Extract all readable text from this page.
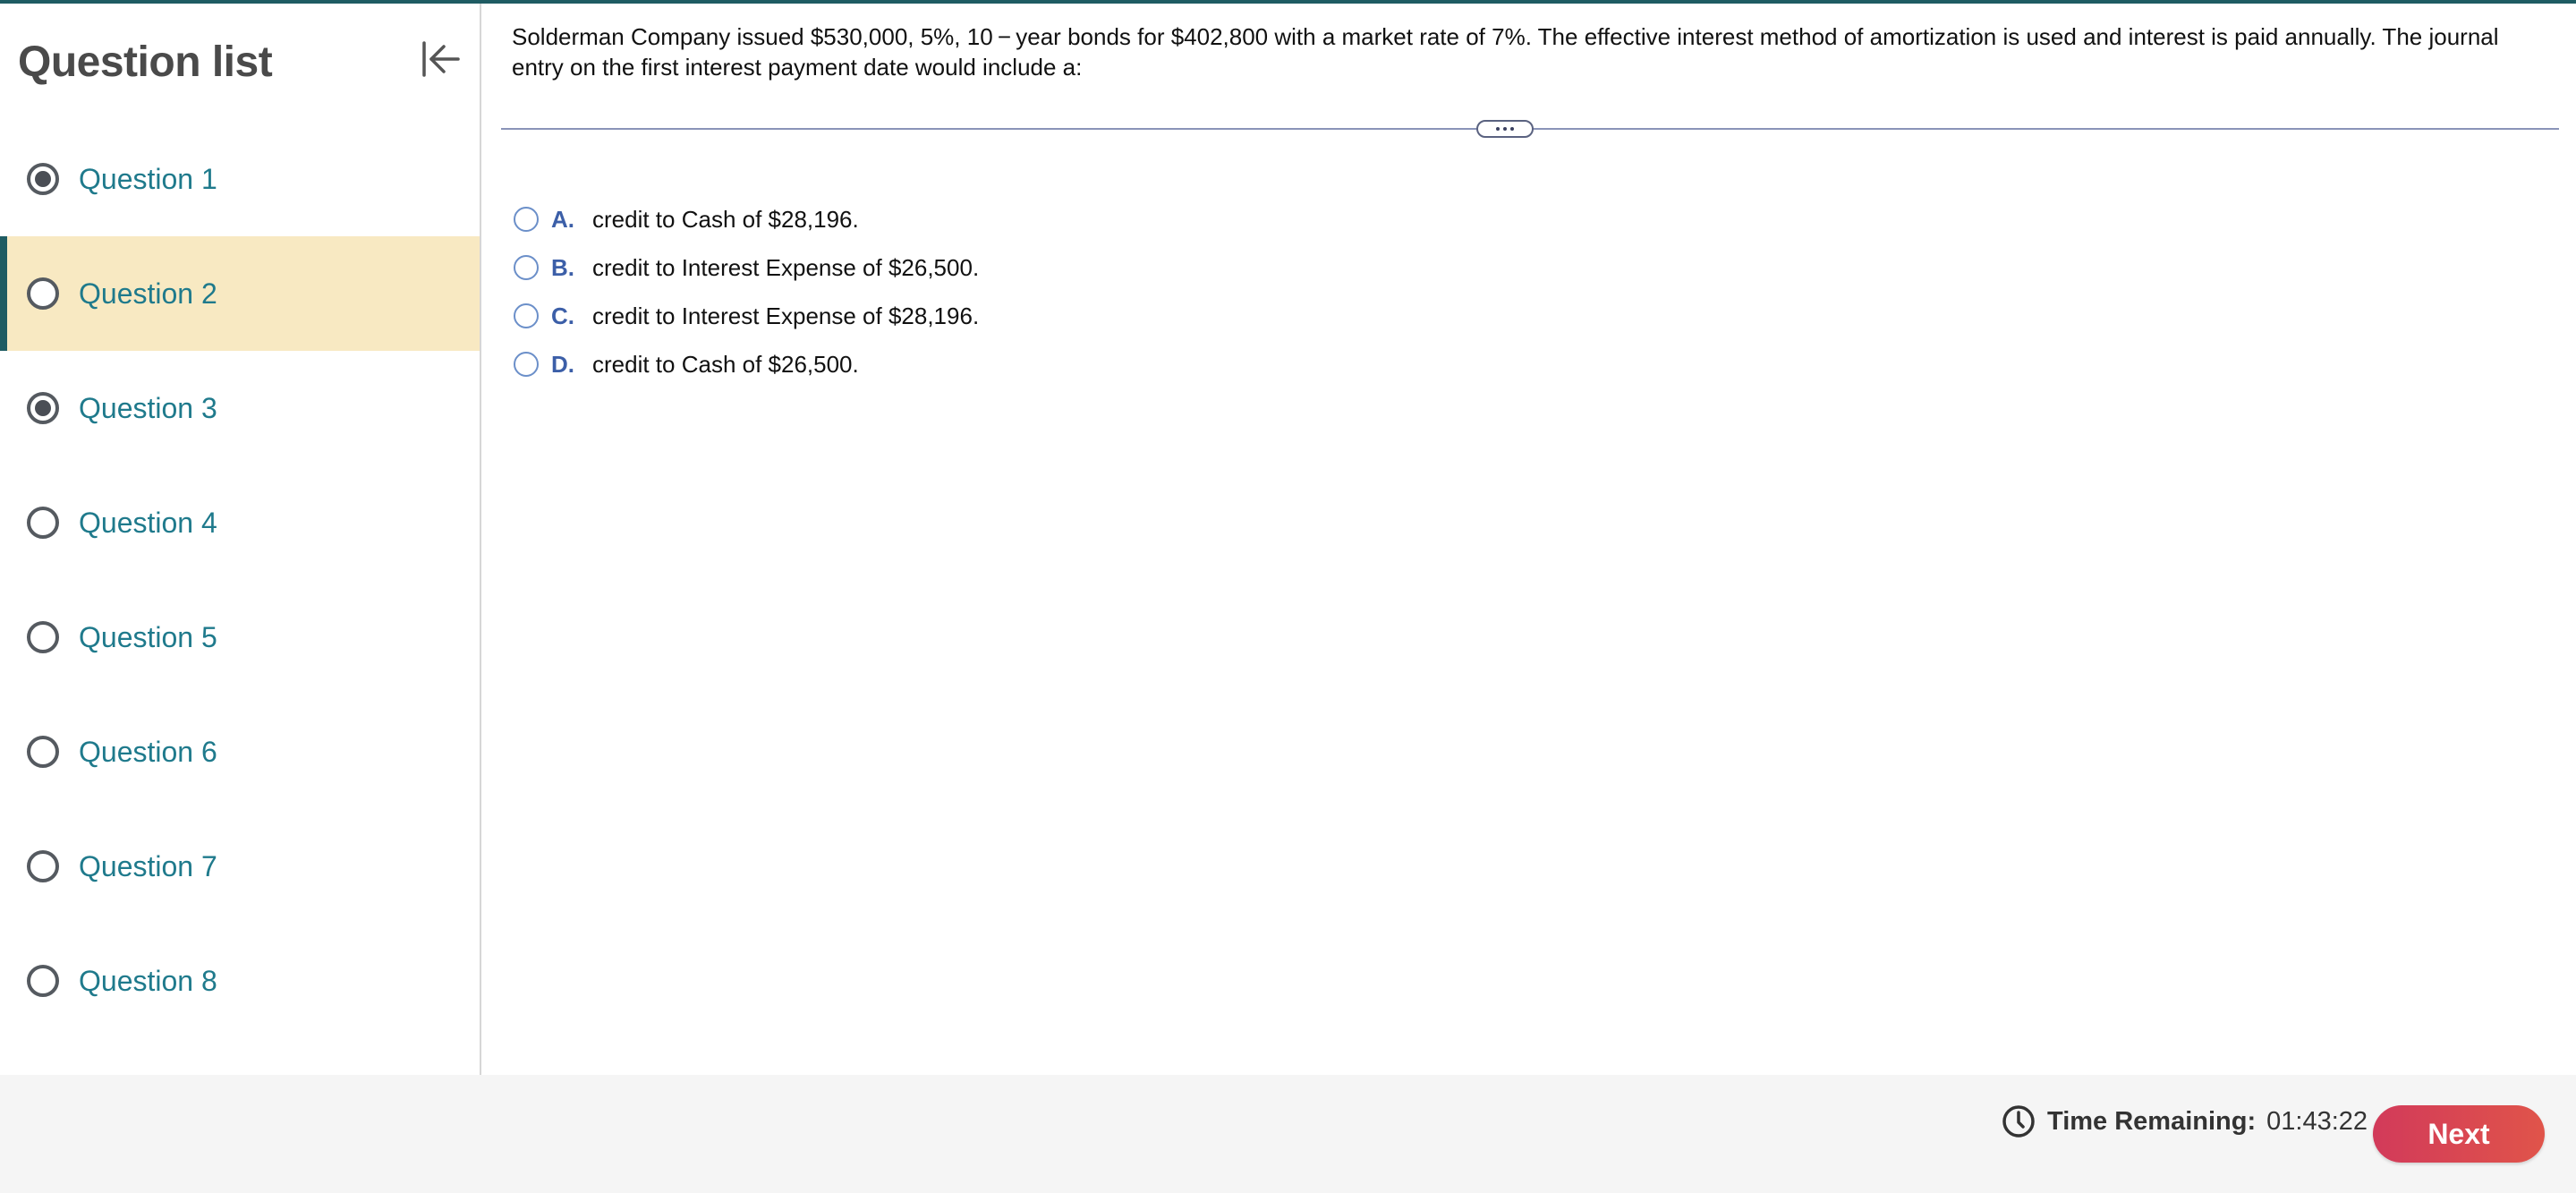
Question list
Question 1
Question 2
Question 3
Question 4
Question 5
Question 6
Question 7
Question 8

Solderman Company issued $530,000, 5%, 10 − year bonds for $402,800 with a market rate of 7%. The effective interest method of amortization is used and interest is paid annually. The journal entry on the first interest payment date would include a:

A. credit to Cash of $28,196.
B. credit to Interest Expense of $26,500.
C. credit to Interest Expense of $28,196.
D. credit to Cash of $26,500.
Time Remaining: 01:43:22	Next
